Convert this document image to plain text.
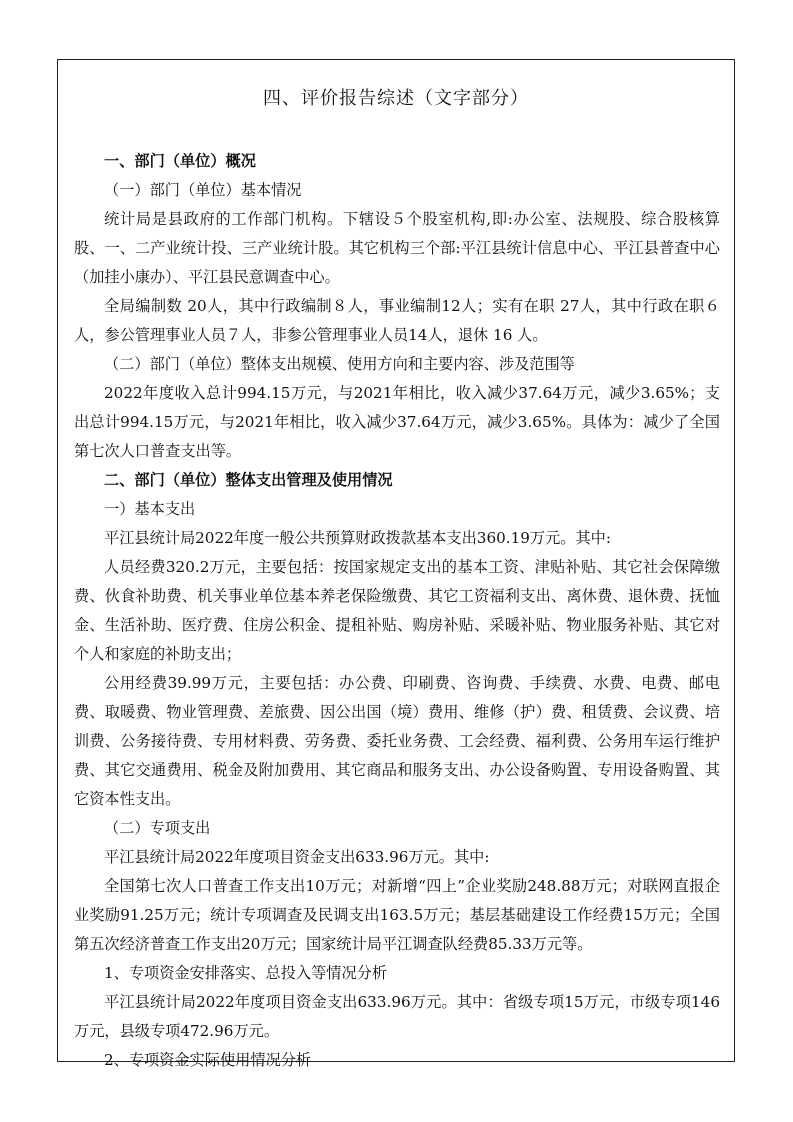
四、评价报告综述（文字部分）

一、部门（单位）概况

（一）部门（单位）基本情况

统计局是县政府的工作部门机构。下辖设５个股室机构,即:办公室、法规股、综合股核算股、一、二产业统计投、三产业统计股。其它机构三个部:平江县统计信息中心、平江县普查中心（加挂小康办）、平江县民意调查中心。

全局编制数 20人，其中行政编制８人，事业编制12人；实有在职 27人，其中行政在职６人，参公管理事业人员７人，非参公管理事业人员14人，退休 16 人。

（二）部门（单位）整体支出规模、使用方向和主要内容、涉及范围等

2022年度收入总计994.15万元，与2021年相比，收入减少37.64万元，减少3.65%；支出总计994.15万元，与2021年相比，收入减少37.64万元，减少3.65%。具体为：减少了全国第七次人口普查支出等。

二、部门（单位）整体支出管理及使用情况

一）基本支出

平江县统计局2022年度一般公共预算财政拨款基本支出360.19万元。其中:

人员经费320.2万元，主要包括：按国家规定支出的基本工资、津贴补贴、其它社会保障缴费、伙食补助费、机关事业单位基本养老保险缴费、其它工资福利支出、离休费、退休费、抚恤金、生活补助、医疗费、住房公积金、提租补贴、购房补贴、采暖补贴、物业服务补贴、其它对个人和家庭的补助支出；

公用经费39.99万元，主要包括：办公费、印刷费、咨询费、手续费、水费、电费、邮电费、取暖费、物业管理费、差旅费、因公出国（境）费用、维修（护）费、租赁费、会议费、培训费、公务接待费、专用材料费、劳务费、委托业务费、工会经费、福利费、公务用车运行维护费、其它交通费用、税金及附加费用、其它商品和服务支出、办公设备购置、专用设备购置、其它资本性支出。

（二）专项支出

平江县统计局2022年度项目资金支出633.96万元。其中:

全国第七次人口普查工作支出10万元；对新增“四上”企业奖励248.88万元；对联网直报企业奖励91.25万元；统计专项调查及民调支出163.5万元；基层基础建设工作经费15万元；全国第五次经济普查工作支出20万元；国家统计局平江调查队经费85.33万元等。

1、专项资金安排落实、总投入等情况分析

平江县统计局2022年度项目资金支出633.96万元。其中：省级专项15万元，市级专项146万元，县级专项472.96万元。

2、专项资金实际使用情况分析
